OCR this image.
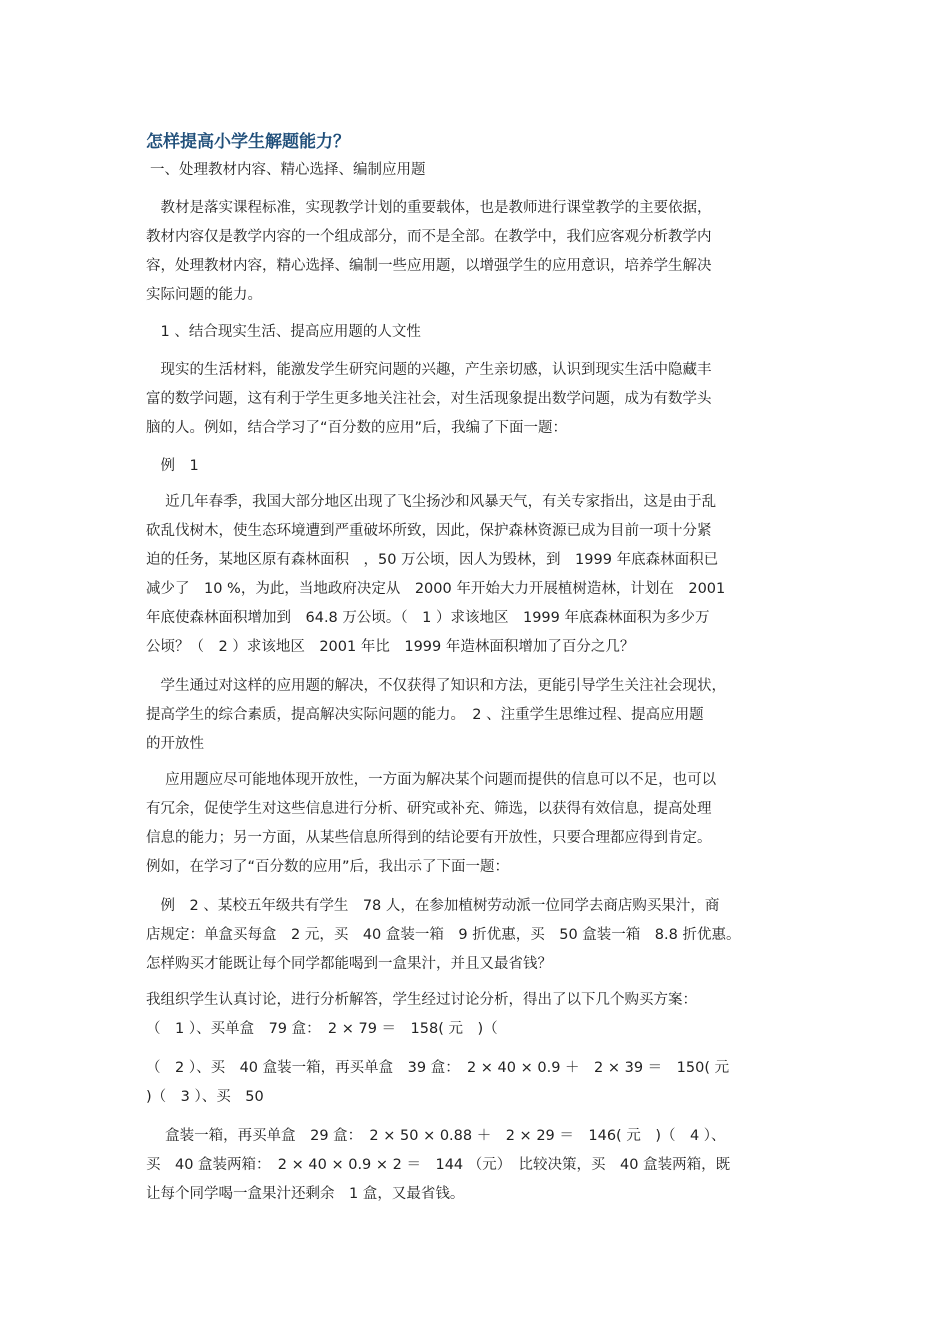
怎样提高小学生解题能力？

一、处理教材内容、精心选择、编制应用题

　教材是落实课程标准，实现教学计划的重要载体，也是教师进行课堂教学的主要依据，
教材内容仅是教学内容的一个组成部分，而不是全部。在教学中，我们应客观分析教学内
容，处理教材内容，精心选择、编制一些应用题，以增强学生的应用意识，培养学生解决
实际问题的能力。

　1 、结合现实生活、提高应用题的人文性

　现实的生活材料，能激发学生研究问题的兴趣，产生亲切感，认识到现实生活中隐藏丰
富的数学问题，这有利于学生更多地关注社会，对生活现象提出数学问题，成为有数学头
脑的人。例如，结合学习了“百分数的应用”后，我编了下面一题：

　例　1

　 近几年春季，我国大部分地区出现了飞尘扬沙和风暴天气，有关专家指出，这是由于乱
砍乱伐树木，使生态环境遭到严重破坏所致，因此，保护森林资源已成为目前一项十分紧
迫的任务，某地区原有森林面积　，50 万公顷，因人为毁林，到　1999 年底森林面积已
减少了　10 %，为此，当地政府决定从　2000 年开始大力开展植树造林，计划在　2001
年底使森林面积增加到　64.8 万公顷。（　1 ）求该地区　1999 年底森林面积为多少万
公顷？（　2 ）求该地区　2001 年比　1999 年造林面积增加了百分之几？

　学生通过对这样的应用题的解决，不仅获得了知识和方法，更能引导学生关注社会现状，
提高学生的综合素质，提高解决实际问题的能力。　2 、注重学生思维过程、提高应用题
的开放性

　 应用题应尽可能地体现开放性，一方面为解决某个问题而提供的信息可以不足，也可以
有冗余，促使学生对这些信息进行分析、研究或补充、筛选，以获得有效信息，提高处理
信息的能力；另一方面，从某些信息所得到的结论要有开放性，只要合理都应得到肯定。
例如，在学习了“百分数的应用”后，我出示了下面一题：

　例　2 、某校五年级共有学生　78 人，在参加植树劳动派一位同学去商店购买果汁，商
店规定：单盒买每盒　2 元，买　40 盒装一箱　9 折优惠，买　50 盒装一箱　8.8 折优惠。
怎样购买才能既让每个同学都能喝到一盒果汁，并且又最省钱？

我组织学生认真讨论，进行分析解答，学生经过讨论分析，得出了以下几个购买方案：
（　1 ）、买单盒　79 盒：　2 × 79 ＝　158( 元　)（

（　2 ）、买　40 盒装一箱，再买单盒　39 盒：　2 × 40 × 0.9 ＋　2 × 39 ＝　150( 元
)（　3 ）、买　50

　 盒装一箱，再买单盒　29 盒：　2 × 50 × 0.88 ＋　2 × 29 ＝　146( 元　)（　4 ）、
买　40 盒装两箱：　2 × 40 × 0.9 × 2 ＝　144 （元）　比较决策，买　40 盒装两箱，既
让每个同学喝一盒果汁还剩余　1 盒，又最省钱。
